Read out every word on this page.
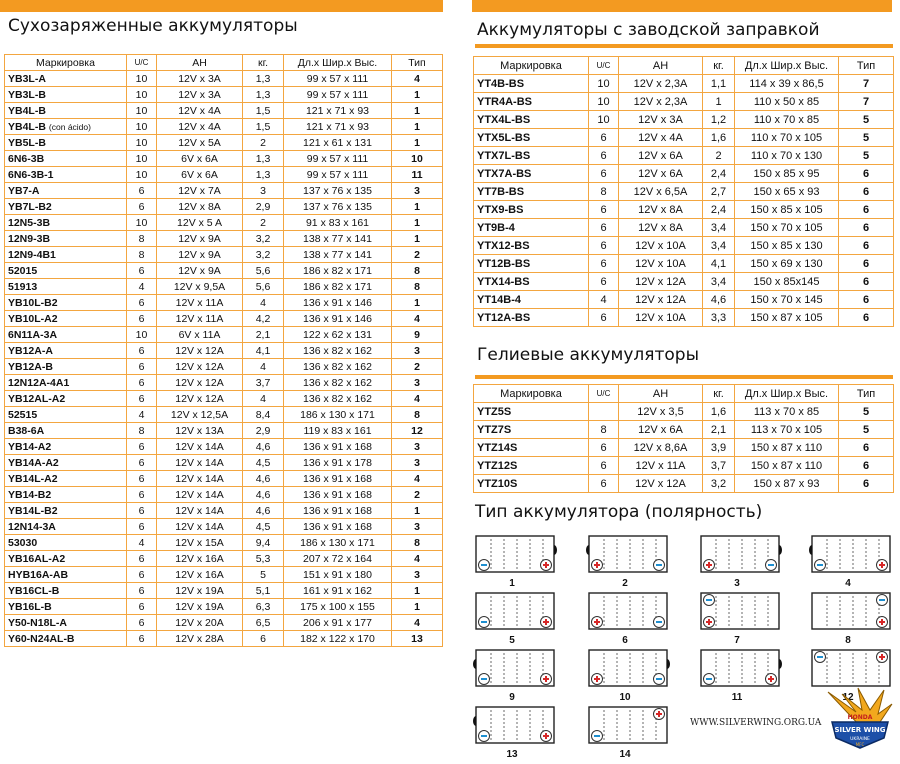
Сухозаряженные аккумуляторы	Аккумуляторы с заводской заправкой
Гелиевые аккумуляторы
Тип аккумулятора (полярность)
Маркировка	U/C	АН	кг.	Дл.х Шир.х Выс.	Тип
YB3L-A	10	12V x 3A	1,3	99 x 57 x 111	4
YB3L-B	10	12V x 3A	1,3	99 x 57 x 111	1
YB4L-B	10	12V x 4A	1,5	121 x 71 x 93	1
YB4L-B (con ácido)	10	12V x 4A	1,5	121 x 71 x 93	1
YB5L-B	10	12V x 5A	2	121 x 61 x 131	1
6N6-3B	10	6V x 6A	1,3	99 x 57 x 111	10
6N6-3B-1	10	6V x 6A	1,3	99 x 57 x 111	11
YB7-A	6	12V x 7A	3	137 x 76 x 135	3
YB7L-B2	6	12V x 8A	2,9	137 x 76 x 135	1
12N5-3B	10	12V x 5 A	2	91 x 83 x 161	1
12N9-3B	8	12V x 9A	3,2	138 x 77 x 141	1
12N9-4B1	8	12V x 9A	3,2	138 x 77 x 141	2
52015	6	12V x 9A	5,6	186 x 82 x 171	8
51913	4	12V x 9,5A	5,6	186 x 82 x 171	8
YB10L-B2	6	12V x 11A	4	136 x 91 x 146	1
YB10L-A2	6	12V x 11A	4,2	136 x 91 x 146	4
6N11A-3A	10	6V x 11A	2,1	122 x 62 x 131	9
YB12A-A	6	12V x 12A	4,1	136 x 82 x 162	3
YB12A-B	6	12V x 12A	4	136 x 82 x 162	2
12N12A-4A1	6	12V x 12A	3,7	136 x 82 x 162	3
YB12AL-A2	6	12V x 12A	4	136 x 82 x 162	4
52515	4	12V x 12,5A	8,4	186 x 130 x 171	8
B38-6A	8	12V x 13A	2,9	119 x 83 x 161	12
YB14-A2	6	12V x 14A	4,6	136 x 91 x 168	3
YB14A-A2	6	12V x 14A	4,5	136 x 91 x 178	3
YB14L-A2	6	12V x 14A	4,6	136 x 91 x 168	4
YB14-B2	6	12V x 14A	4,6	136 x 91 x 168	2
YB14L-B2	6	12V x 14A	4,6	136 x 91 x 168	1
12N14-3A	6	12V x 14A	4,5	136 x 91 x 168	3
53030	4	12V x 15A	9,4	186 x 130 x 171	8
YB16AL-A2	6	12V x 16A	5,3	207 x 72 x 164	4
HYB16A-AB	6	12V x 16A	5	151 x 91 x 180	3
YB16CL-B	6	12V x 19A	5,1	161 x 91 x 162	1
YB16L-B	6	12V x 19A	6,3	175 x 100 x 155	1
Y50-N18L-A	6	12V x 20A	6,5	206 x 91 x 177	4
Y60-N24AL-B	6	12V x 28A	6	182 x 122 x 170	13
Маркировка	U/C	АН	кг.	Дл.х Шир.х Выс.	Тип
YT4B-BS	10	12V x 2,3A	1,1	114 x 39 x 86,5	7
YTR4A-BS	10	12V x 2,3A	1	110 x 50 x 85	7
YTX4L-BS	10	12V x 3A	1,2	110 x 70 x 85	5
YTX5L-BS	6	12V x 4A	1,6	110 x 70 x 105	5
YTX7L-BS	6	12V x 6A	2	110 x 70 x 130	5
YTX7A-BS	6	12V x 6A	2,4	150 x 85 x 95	6
YT7B-BS	8	12V x 6,5A	2,7	150 x 65 x 93	6
YTX9-BS	6	12V x 8A	2,4	150 x 85 x 105	6
YT9B-4	6	12V x 8A	3,4	150 x 70 x 105	6
YTX12-BS	6	12V x 10A	3,4	150 x 85 x 130	6
YT12B-BS	6	12V x 10A	4,1	150 x 69 x 130	6
YTX14-BS	6	12V x 12A	3,4	150 x 85x145	6
YT14B-4	4	12V x 12A	4,6	150 x 70 x 145	6
YT12A-BS	6	12V x 10A	3,3	150 x 87 x 105	6
Маркировка	U/C	АН	кг.	Дл.х Шир.х Выс.	Тип
YTZ5S		12V x 3,5	1,6	113 x 70 x 85	5
YTZ7S	8	12V x 6A	2,1	113 x 70 x 105	5
YTZ14S	6	12V x 8,6A	3,9	150 x 87 x 110	6
YTZ12S	6	12V x 11A	3,7	150 x 87 x 110	6
YTZ10S	6	12V x 12A	3,2	150 x 87 x 93	6
1	2	3	4
5	6	7	8
9	10	11	12
13	14
WWW.SILVERWING.ORG.UA
HONDA
SILVER WING
UKRAINE
MFC
